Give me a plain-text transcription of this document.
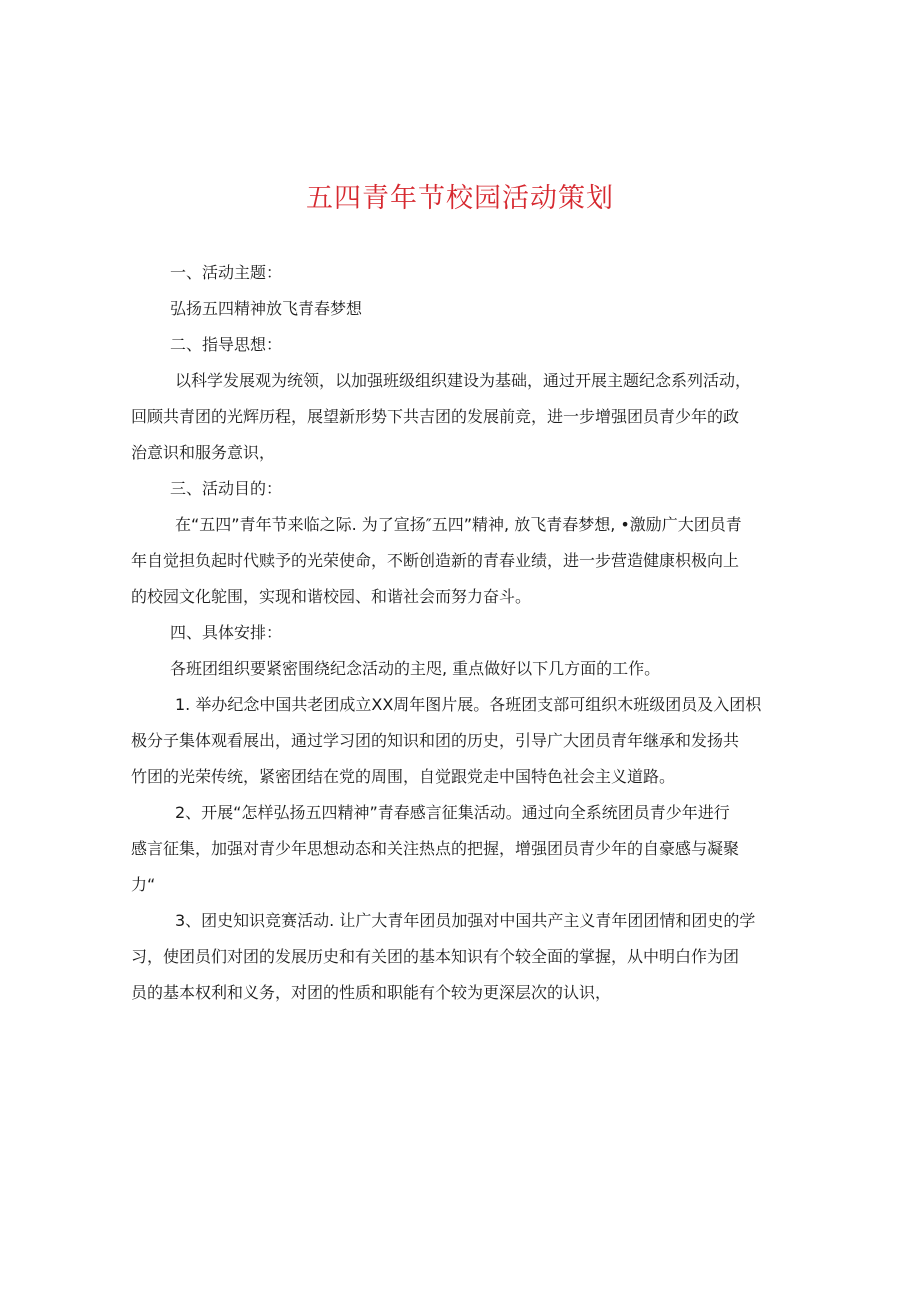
五四青年节校园活动策划

一、活动主题：

弘扬五四精神放飞青春梦想

二、指导思想：

以科学发展观为统领，以加强班级组织建设为基础，通过开展主题纪念系列活动，

回顾共青团的光辉历程，展望新形势下共吉团的发展前竞，进一步增强团员青少年的政

治意识和服务意识，

三、活动目的：

在“五四”青年节来临之际. 为了宣扬″五四”精神, 放飞青春梦想, •激励广大团员青

年自觉担负起时代赎予的光荣使命，不断创造新的青春业绩，进一步营造健康枳极向上

的校园文化鸵围，实现和谐校园、和谐社会而努力奋斗。

四、具体安排：

各班团组织要紧密围绕纪念活动的主咫, 重点做好以下几方面的工作。

1. 举办纪念中国共老团成立XX周年图片展。各班团支部可组织木班级团员及入团枳

极分子集体观看展出，通过学习团的知识和团的历史，引导广大团员青年继承和发扬共

竹团的光荣传统，紧密团结在党的周围，自觉跟党走中国特色社会主义道路。

2、开展“怎样弘扬五四精神”青春感言征集活动。通过向全系统团员青少年进行

感言征集，加强对青少年思想动态和关注热点的把握，增强团员青少年的自豪感与凝聚

力“

3、团史知识竞赛活动. 让广大青年团员加强对中国共产主义青年团团情和团史的学

习，使团员们对团的发展历史和有关团的基本知识有个较全面的掌握，从中明白作为团

员的基本权利和义务，对团的性质和职能有个较为更深层次的认识，
